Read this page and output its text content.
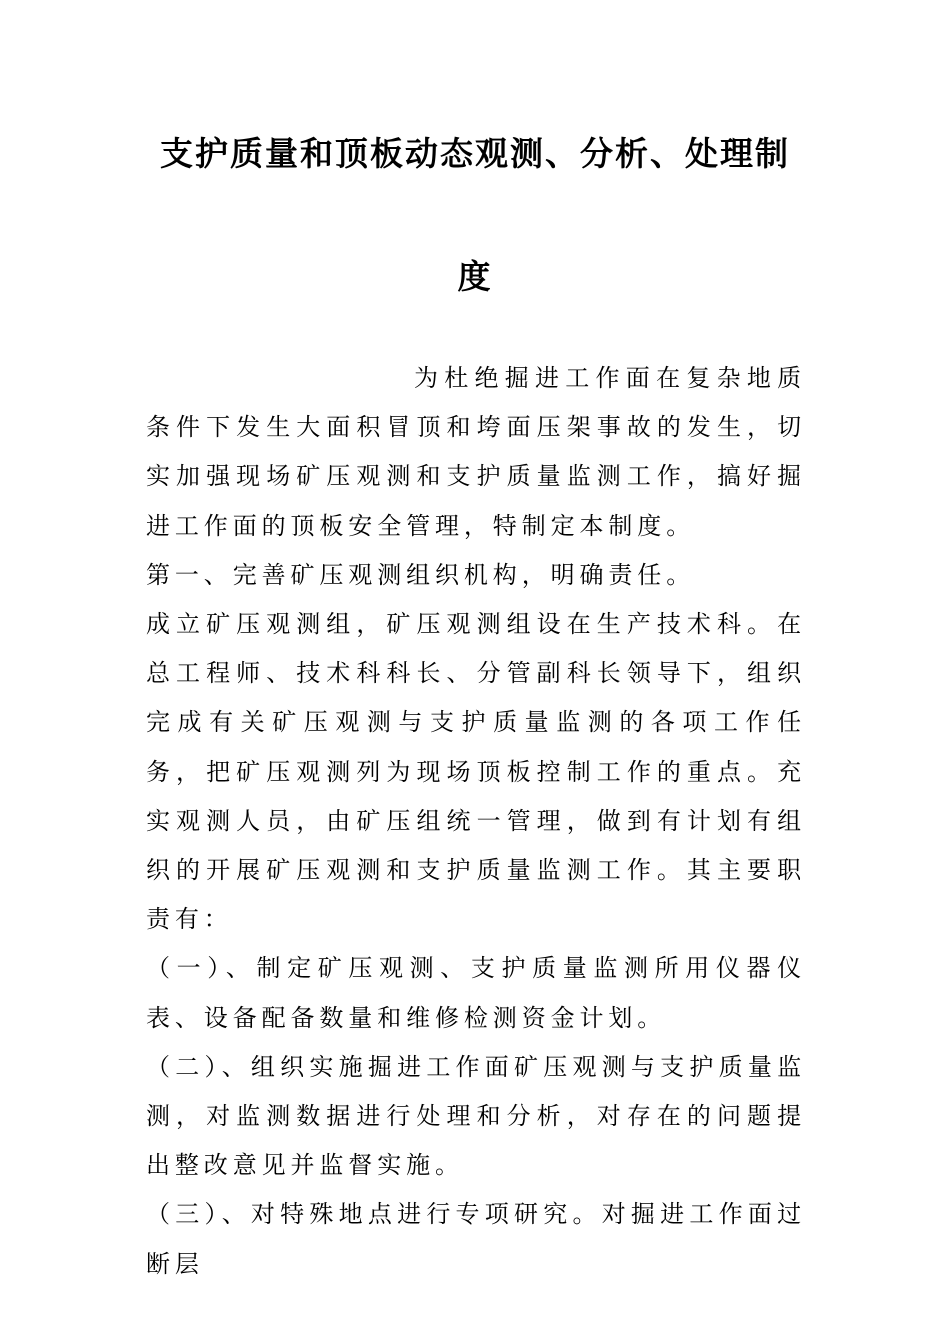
支护质量和顶板动态观测、分析、处理制
度

为杜绝掘进工作面在复杂地质条件下发生大面积冒顶和垮面压架事故的发生，切实加强现场矿压观测和支护质量监测工作，搞好掘进工作面的顶板安全管理，特制定本制度。

第一、完善矿压观测组织机构，明确责任。

成立矿压观测组，矿压观测组设在生产技术科。在总工程师、技术科科长、分管副科长领导下，组织完成有关矿压观测与支护质量监测的各项工作任务，把矿压观测列为现场顶板控制工作的重点。充实观测人员，由矿压组统一管理，做到有计划有组织的开展矿压观测和支护质量监测工作。其主要职责有：

（一）、制定矿压观测、支护质量监测所用仪器仪表、设备配备数量和维修检测资金计划。

（二）、组织实施掘进工作面矿压观测与支护质量监测，对监测数据进行处理和分析，对存在的问题提出整改意见并监督实施。

（三）、对特殊地点进行专项研究。对掘进工作面过断层
